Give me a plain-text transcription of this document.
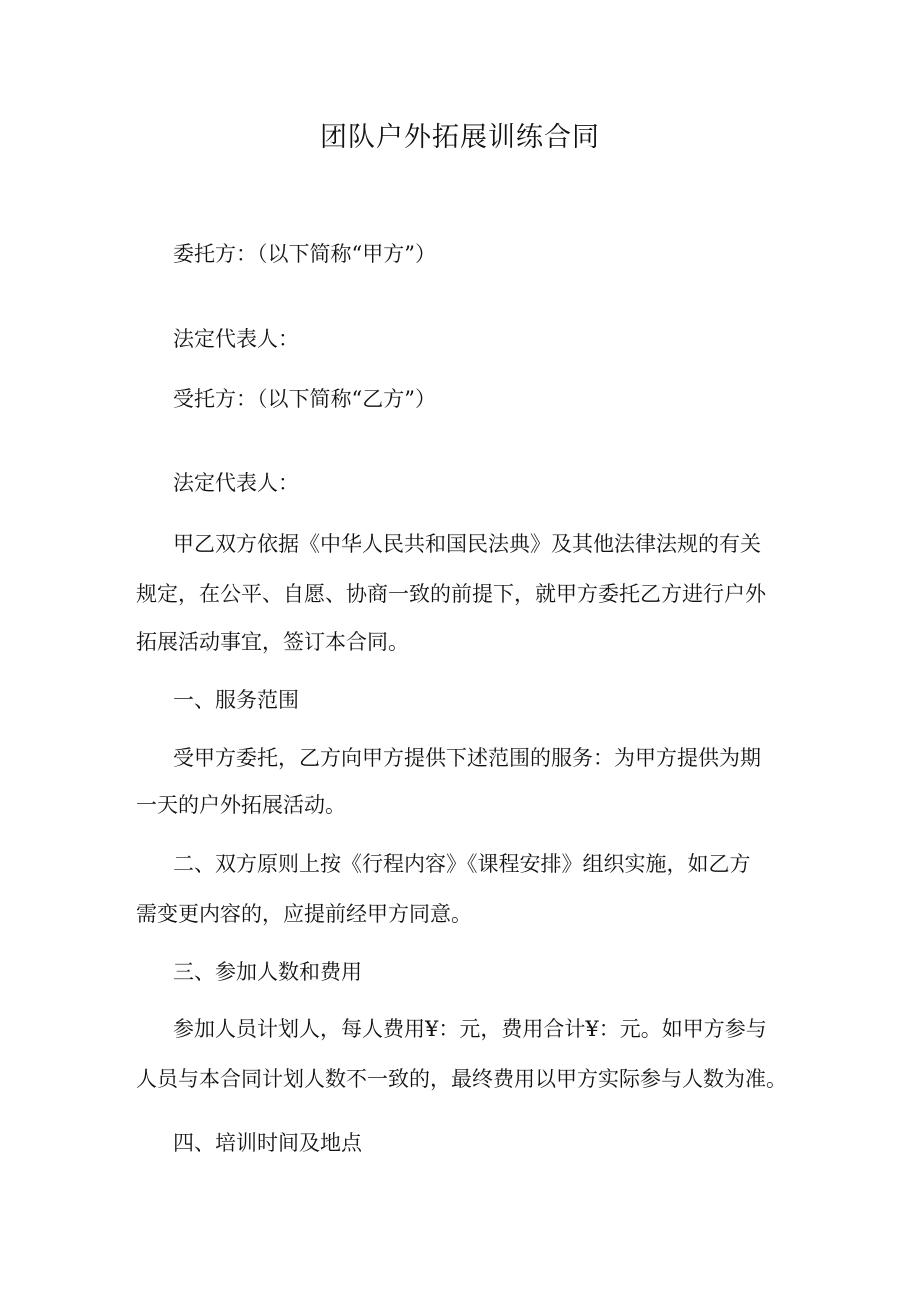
团队户外拓展训练合同

委托方：（以下简称“甲方”）

法定代表人：

受托方：（以下简称“乙方”）

法定代表人：

甲乙双方依据《中华人民共和国民法典》及其他法律法规的有关

规定，在公平、自愿、协商一致的前提下，就甲方委托乙方进行户外

拓展活动事宜，签订本合同。

一、服务范围

受甲方委托，乙方向甲方提供下述范围的服务：为甲方提供为期

一天的户外拓展活动。

二、双方原则上按《行程内容》《课程安排》组织实施，如乙方

需变更内容的，应提前经甲方同意。

三、参加人数和费用

参加人员计划人，每人费用¥：元，费用合计¥：元。如甲方参与

人员与本合同计划人数不一致的，最终费用以甲方实际参与人数为准。

四、培训时间及地点
